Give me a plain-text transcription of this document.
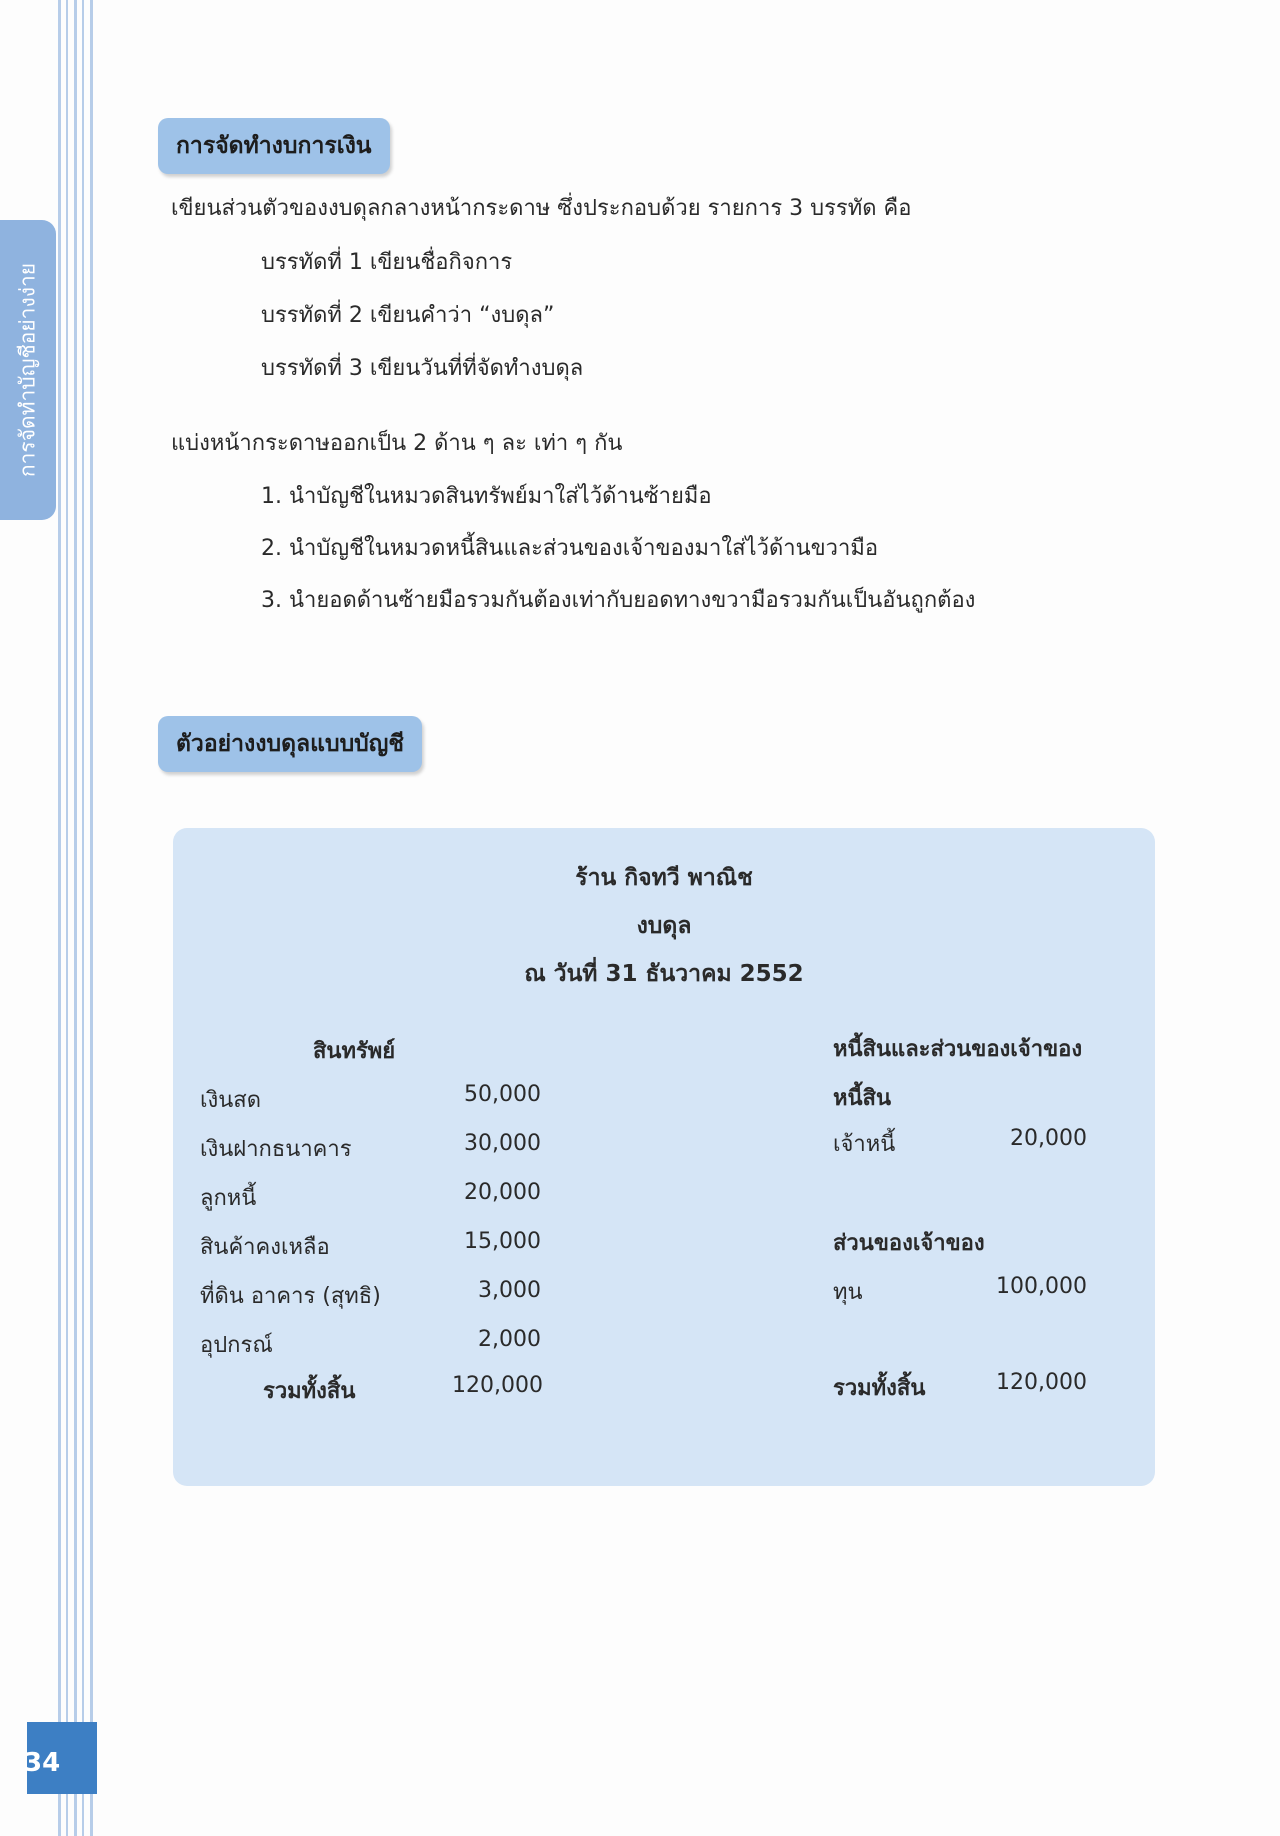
การจัดทำบัญชีอย่างง่าย
34
การจัดทำงบการเงิน
เขียนส่วนตัวของงบดุลกลางหน้ากระดาษ ซึ่งประกอบด้วย รายการ 3 บรรทัด คือ
บรรทัดที่ 1 เขียนชื่อกิจการ
บรรทัดที่ 2 เขียนคำว่า “งบดุล”
บรรทัดที่ 3 เขียนวันที่ที่จัดทำงบดุล
แบ่งหน้ากระดาษออกเป็น 2 ด้าน ๆ ละ เท่า ๆ กัน
1. นำบัญชีในหมวดสินทรัพย์มาใส่ไว้ด้านซ้ายมือ
2. นำบัญชีในหมวดหนี้สินและส่วนของเจ้าของมาใส่ไว้ด้านขวามือ
3. นำยอดด้านซ้ายมือรวมกันต้องเท่ากับยอดทางขวามือรวมกันเป็นอันถูกต้อง
ตัวอย่างงบดุลแบบบัญชี
ร้าน กิจทวี พาณิช
งบดุล
ณ วันที่ 31 ธันวาคม 2552
สินทรัพย์
เงินสด	50,000
เงินฝากธนาคาร	30,000
ลูกหนี้	20,000
สินค้าคงเหลือ	15,000
ที่ดิน อาคาร (สุทธิ)	3,000
อุปกรณ์	2,000
รวมทั้งสิ้น	120,000
หนี้สินและส่วนของเจ้าของ
หนี้สิน
เจ้าหนี้	20,000
ส่วนของเจ้าของ
ทุน	100,000
รวมทั้งสิ้น	120,000
